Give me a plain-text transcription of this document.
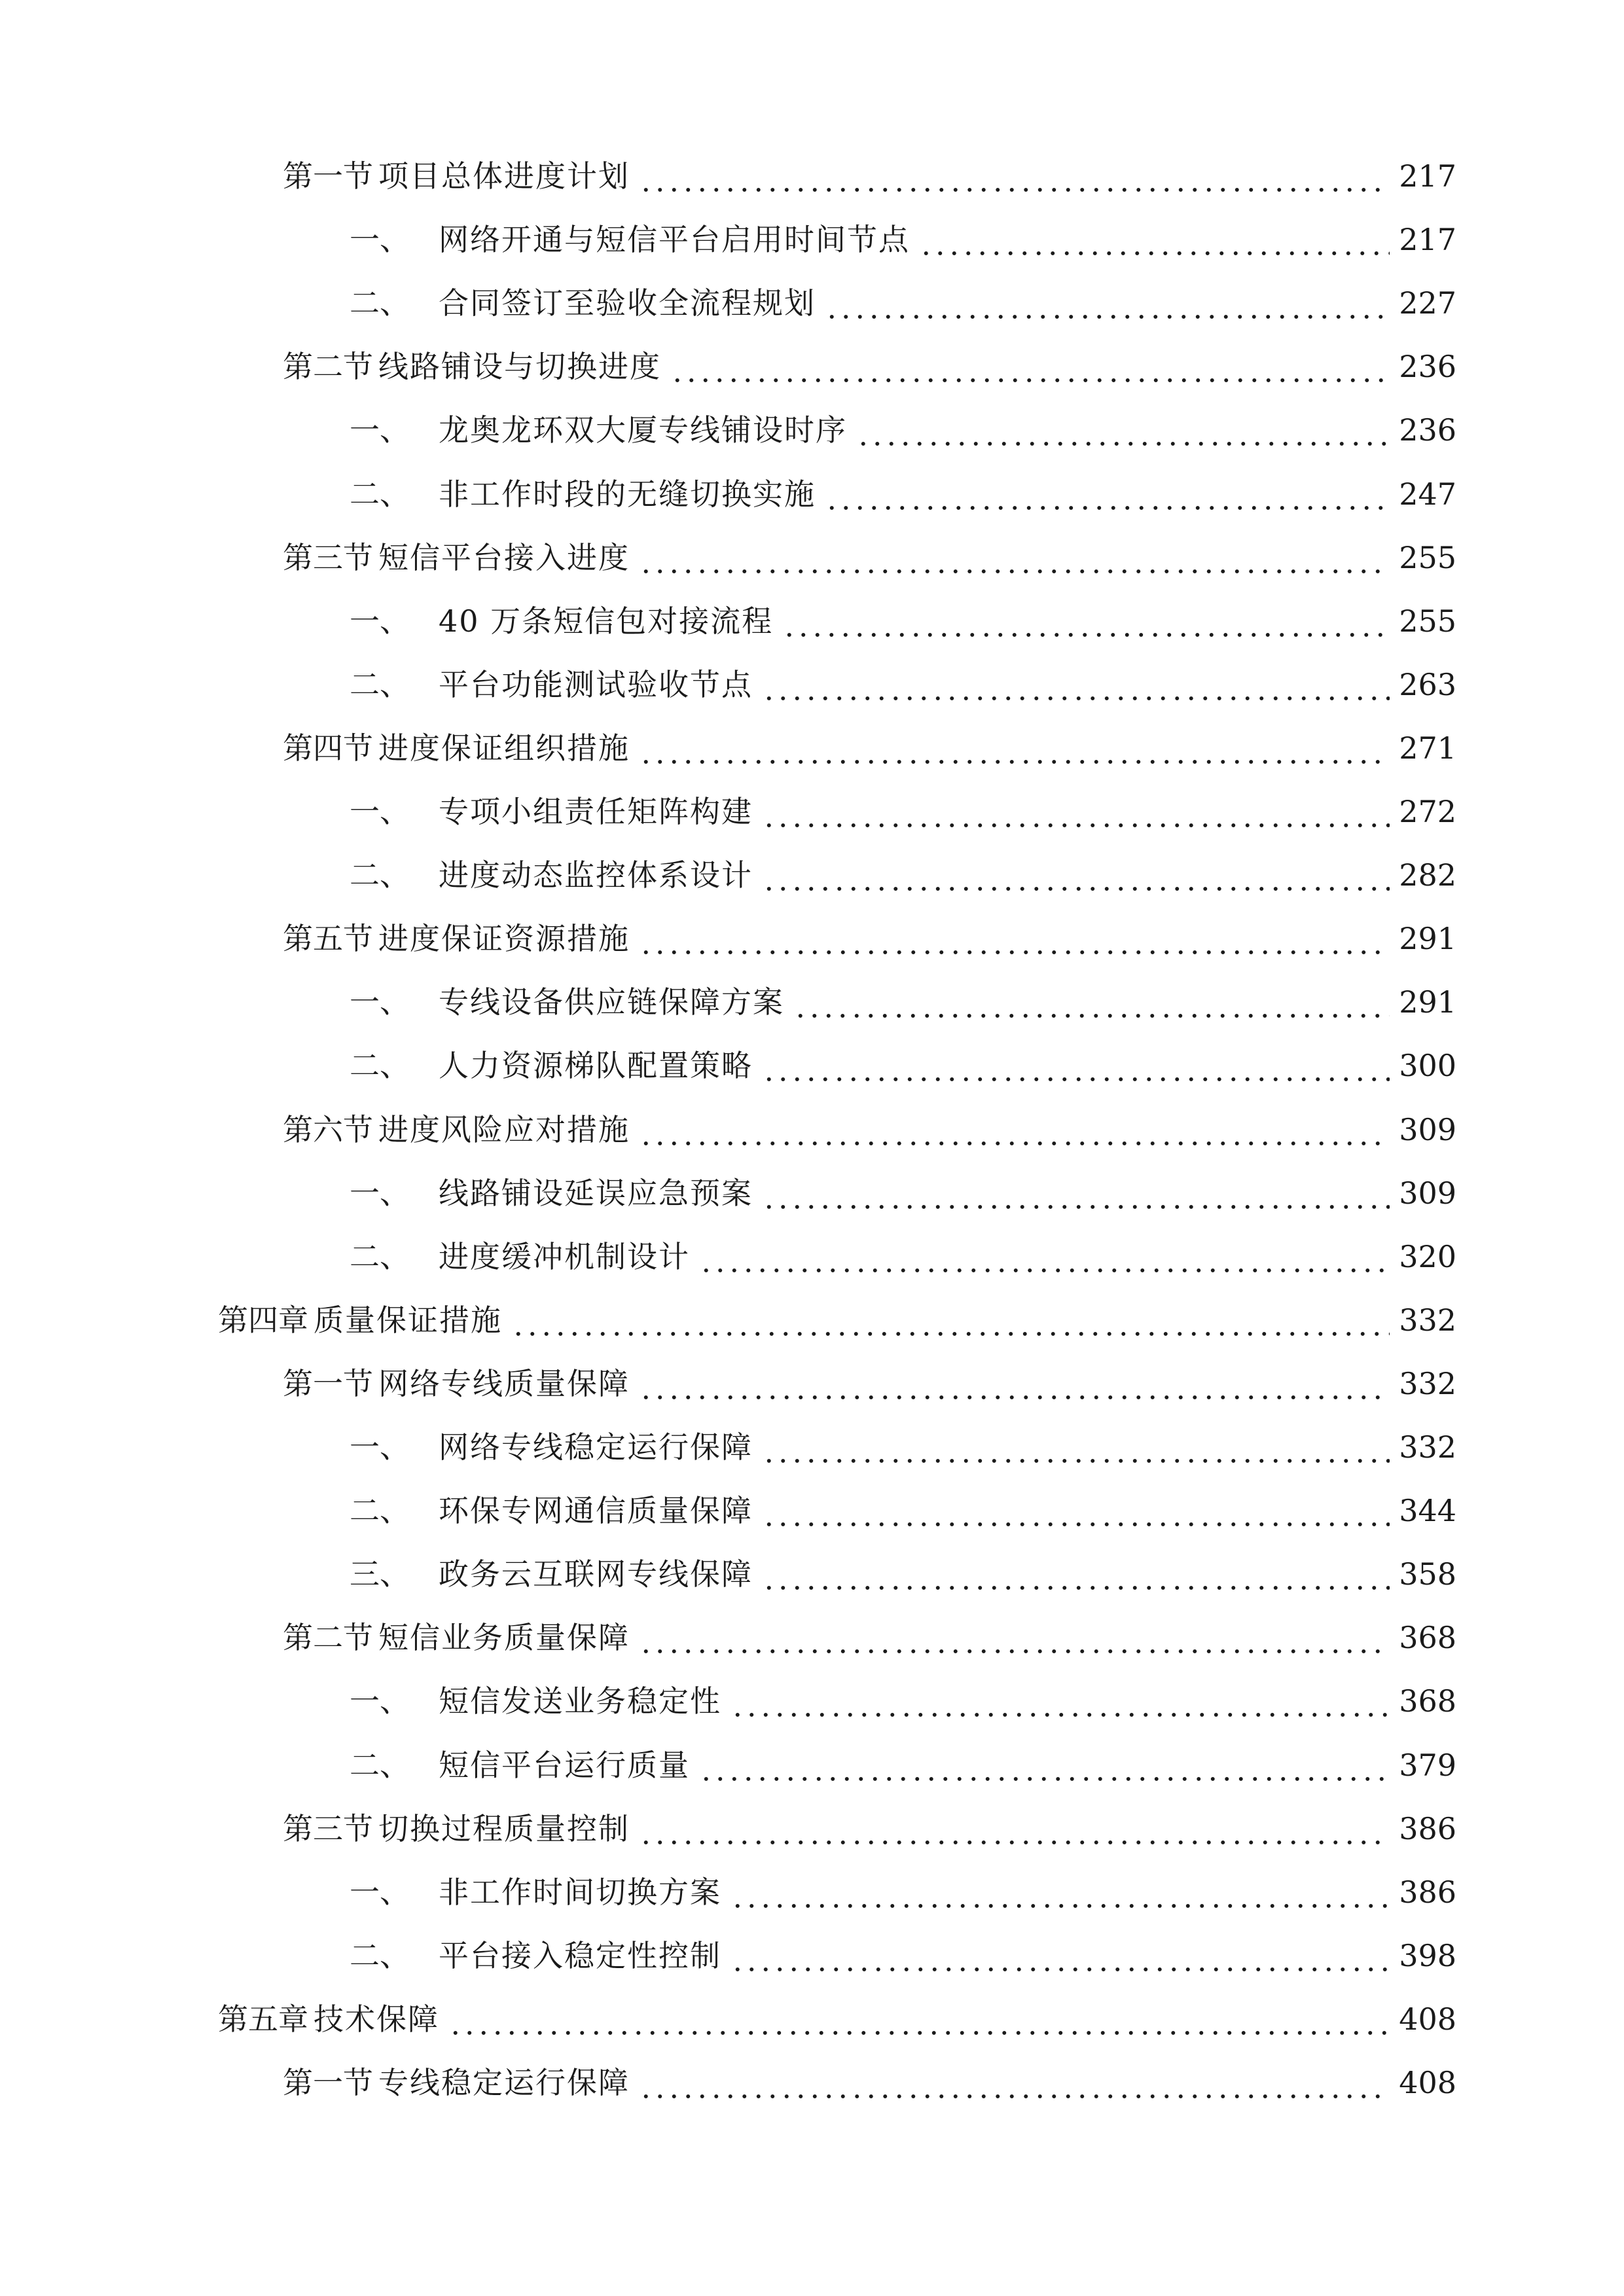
第一节 项目总体进度计划	217
一、 网络开通与短信平台启用时间节点	217
二、 合同签订至验收全流程规划	227
第二节 线路铺设与切换进度	236
一、 龙奥龙环双大厦专线铺设时序	236
二、 非工作时段的无缝切换实施	247
第三节 短信平台接入进度	255
一、 40 万条短信包对接流程	255
二、 平台功能测试验收节点	263
第四节 进度保证组织措施	271
一、 专项小组责任矩阵构建	272
二、 进度动态监控体系设计	282
第五节 进度保证资源措施	291
一、 专线设备供应链保障方案	291
二、 人力资源梯队配置策略	300
第六节 进度风险应对措施	309
一、 线路铺设延误应急预案	309
二、 进度缓冲机制设计	320
第四章 质量保证措施	332
第一节 网络专线质量保障	332
一、 网络专线稳定运行保障	332
二、 环保专网通信质量保障	344
三、 政务云互联网专线保障	358
第二节 短信业务质量保障	368
一、 短信发送业务稳定性	368
二、 短信平台运行质量	379
第三节 切换过程质量控制	386
一、 非工作时间切换方案	386
二、 平台接入稳定性控制	398
第五章 技术保障	408
第一节 专线稳定运行保障	408
